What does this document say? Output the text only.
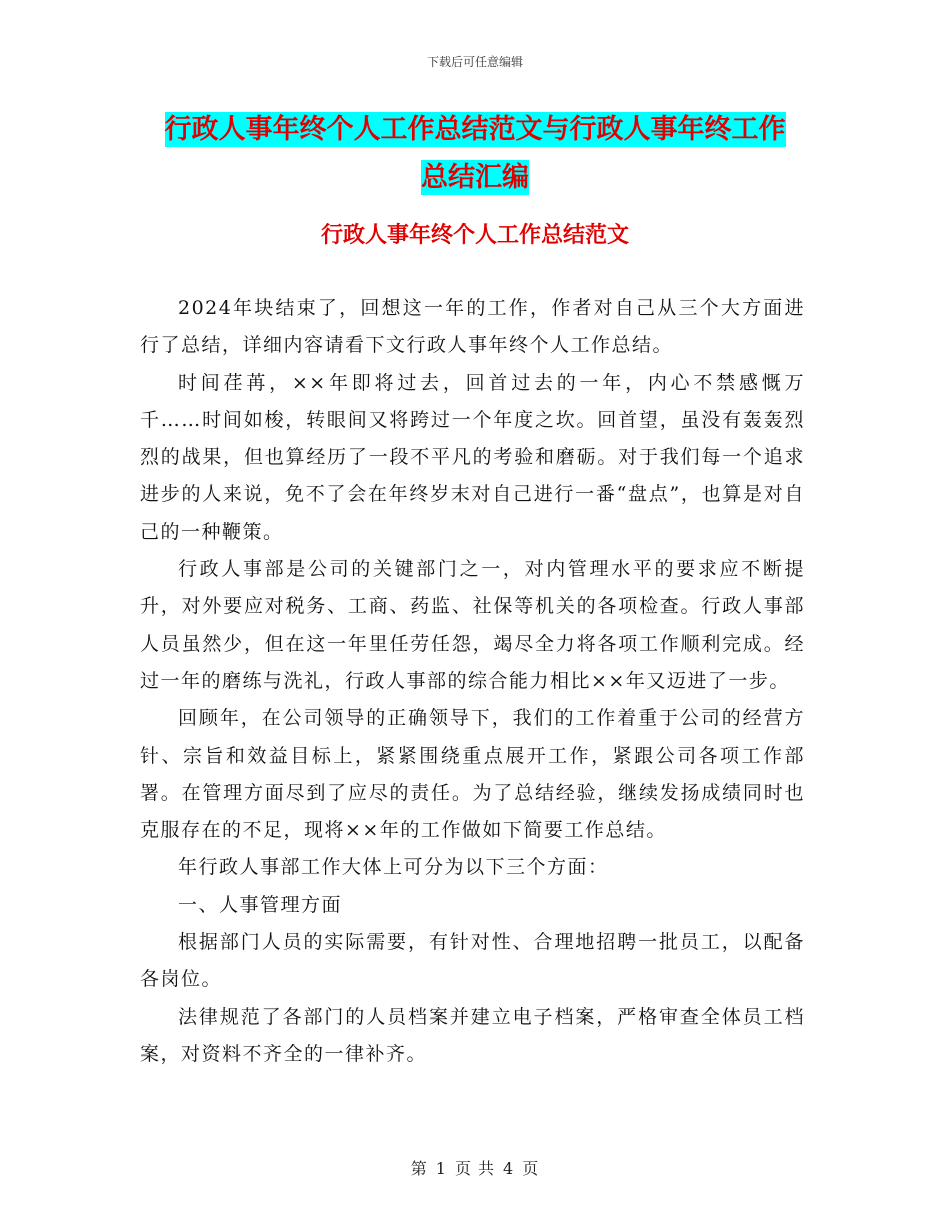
下载后可任意编辑
行政人事年终个人工作总结范文与行政人事年终工作
总结汇编
行政人事年终个人工作总结范文

2024年块结束了，回想这一年的工作，作者对自己从三个大方面进行了总结，详细内容请看下文行政人事年终个人工作总结。

时间荏苒，××年即将过去，回首过去的一年，内心不禁感慨万千……时间如梭，转眼间又将跨过一个年度之坎。回首望，虽没有轰轰烈烈的战果，但也算经历了一段不平凡的考验和磨砺。对于我们每一个追求进步的人来说，免不了会在年终岁末对自己进行一番“盘点”，也算是对自己的一种鞭策。

行政人事部是公司的关键部门之一，对内管理水平的要求应不断提升，对外要应对税务、工商、药监、社保等机关的各项检查。行政人事部人员虽然少，但在这一年里任劳任怨，竭尽全力将各项工作顺利完成。经过一年的磨练与洗礼，行政人事部的综合能力相比××年又迈进了一步。

回顾年，在公司领导的正确领导下，我们的工作着重于公司的经营方针、宗旨和效益目标上，紧紧围绕重点展开工作，紧跟公司各项工作部署。在管理方面尽到了应尽的责任。为了总结经验，继续发扬成绩同时也克服存在的不足，现将××年的工作做如下简要工作总结。

年行政人事部工作大体上可分为以下三个方面：

一、人事管理方面

根据部门人员的实际需要，有针对性、合理地招聘一批员工，以配备各岗位。

法律规范了各部门的人员档案并建立电子档案，严格审查全体员工档案，对资料不齐全的一律补齐。

第 1 页 共 4 页
